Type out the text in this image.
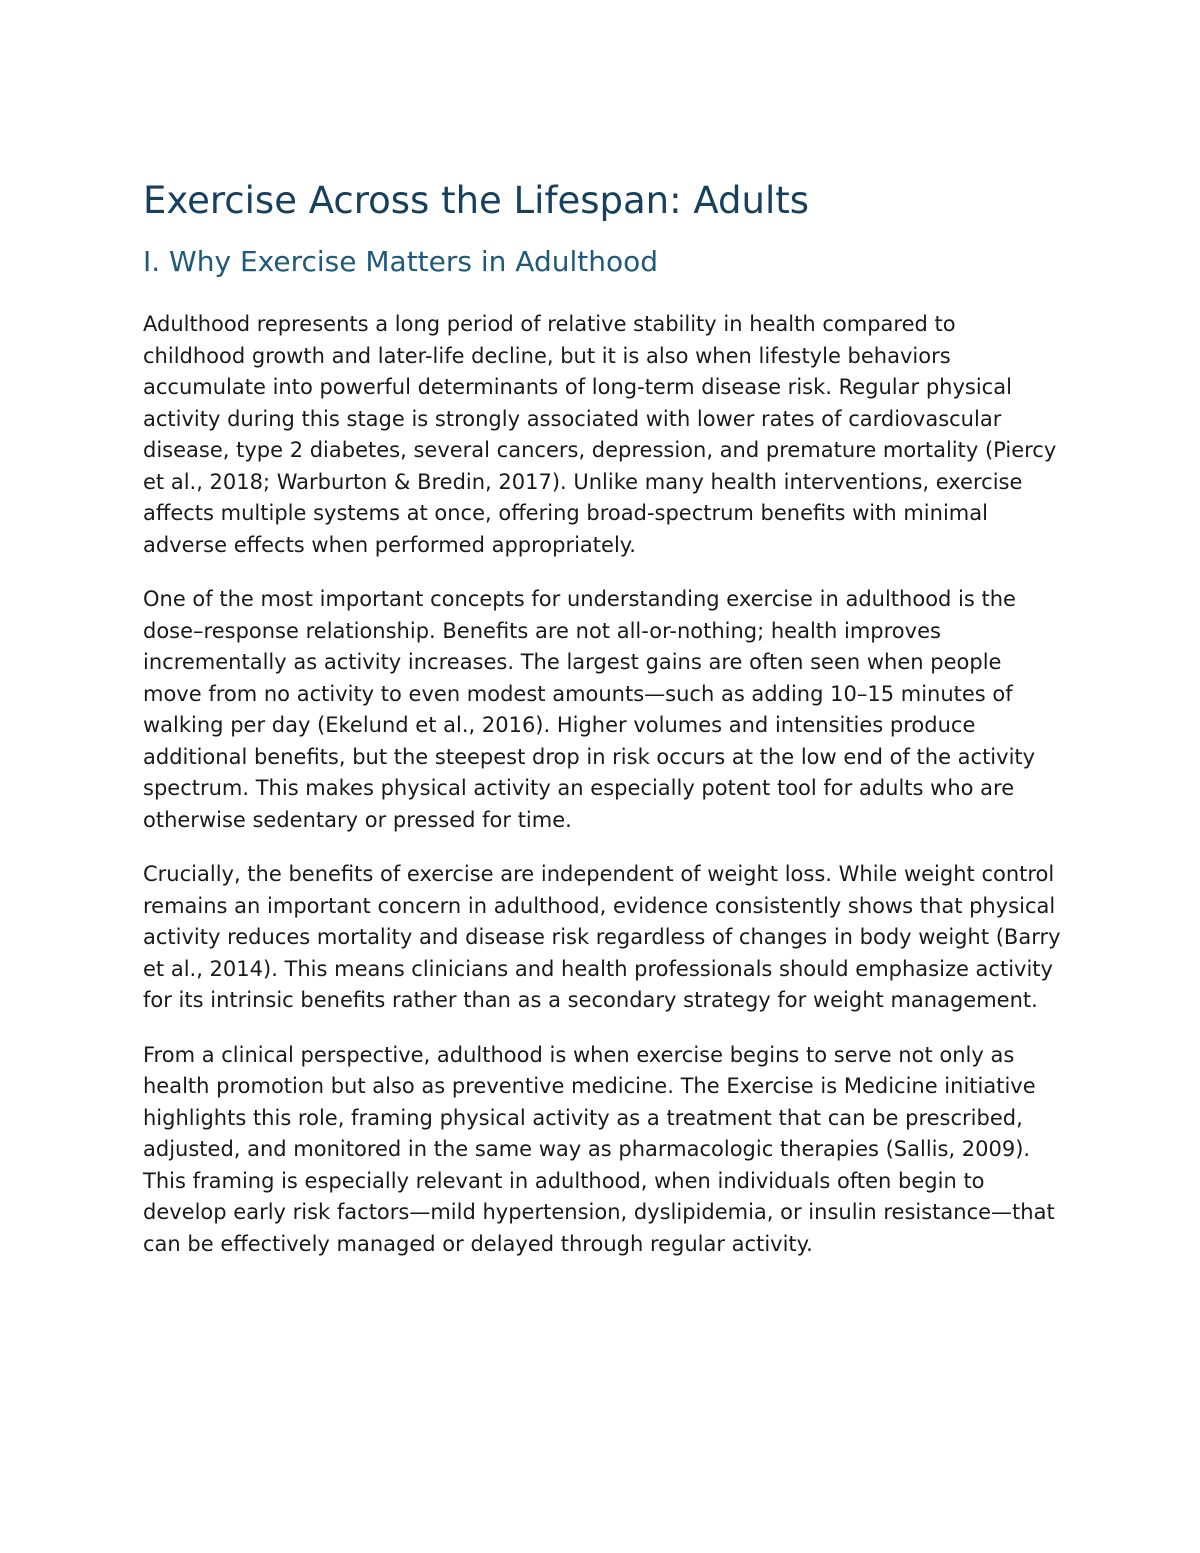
Exercise Across the Lifespan: Adults
I. Why Exercise Matters in Adulthood

Adulthood represents a long period of relative stability in health compared to childhood growth and later-life decline, but it is also when lifestyle behaviors accumulate into powerful determinants of long-term disease risk. Regular physical activity during this stage is strongly associated with lower rates of cardiovascular disease, type 2 diabetes, several cancers, depression, and premature mortality (Piercy et al., 2018; Warburton & Bredin, 2017). Unlike many health interventions, exercise affects multiple systems at once, offering broad-spectrum benefits with minimal adverse effects when performed appropriately.

One of the most important concepts for understanding exercise in adulthood is the dose–response relationship. Benefits are not all-or-nothing; health improves incrementally as activity increases. The largest gains are often seen when people move from no activity to even modest amounts—such as adding 10–15 minutes of walking per day (Ekelund et al., 2016). Higher volumes and intensities produce additional benefits, but the steepest drop in risk occurs at the low end of the activity spectrum. This makes physical activity an especially potent tool for adults who are otherwise sedentary or pressed for time.

Crucially, the benefits of exercise are independent of weight loss. While weight control remains an important concern in adulthood, evidence consistently shows that physical activity reduces mortality and disease risk regardless of changes in body weight (Barry et al., 2014). This means clinicians and health professionals should emphasize activity for its intrinsic benefits rather than as a secondary strategy for weight management.

From a clinical perspective, adulthood is when exercise begins to serve not only as health promotion but also as preventive medicine. The Exercise is Medicine initiative highlights this role, framing physical activity as a treatment that can be prescribed, adjusted, and monitored in the same way as pharmacologic therapies (Sallis, 2009). This framing is especially relevant in adulthood, when individuals often begin to develop early risk factors—mild hypertension, dyslipidemia, or insulin resistance—that can be effectively managed or delayed through regular activity.
